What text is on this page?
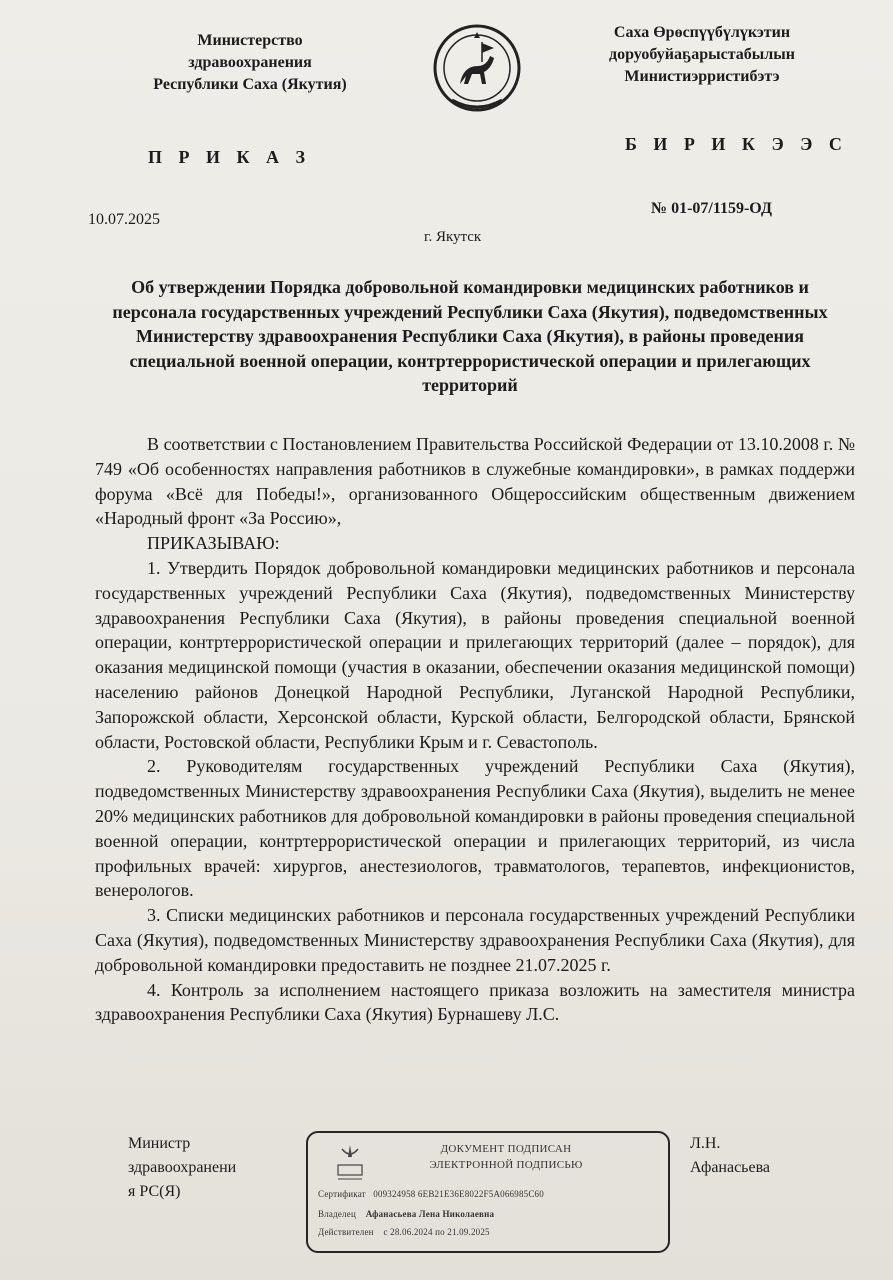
Министерство
здравоохранения
Республики Саха (Якутия)
Саха Өрөспүүбүлүкэтин
доруобуйаҕарыстабылын
Министиэрристибэтэ
П Р И К А З
Б И Р И К Э Э С
10.07.2025
№ 01-07/1159-ОД
г. Якутск
Об утверждении Порядка добровольной командировки медицинских работников и персонала государственных учреждений Республики Саха (Якутия), подведомственных Министерству здравоохранения Республики Саха (Якутия), в районы проведения специальной военной операции, контртеррористической операции и прилегающих территорий

В соответствии с Постановлением Правительства Российской Федерации от 13.10.2008 г. № 749 «Об особенностях направления работников в служебные командировки», в рамках поддержи форума «Всё для Победы!», организованного Общероссийским общественным движением «Народный фронт «За Россию»,

ПРИКАЗЫВАЮ:

1. Утвердить Порядок добровольной командировки медицинских работников и персонала государственных учреждений Республики Саха (Якутия), подведомственных Министерству здравоохранения Республики Саха (Якутия), в районы проведения специальной военной операции, контртеррористической операции и прилегающих территорий (далее – порядок), для оказания медицинской помощи (участия в оказании, обеспечении оказания медицинской помощи) населению районов Донецкой Народной Республики, Луганской Народной Республики, Запорожской области, Херсонской области, Курской области, Белгородской области, Брянской области, Ростовской области, Республики Крым и г. Севастополь.

2. Руководителям государственных учреждений Республики Саха (Якутия), подведомственных Министерству здравоохранения Республики Саха (Якутия), выделить не менее 20% медицинских работников для добровольной командировки в районы проведения специальной военной операции, контртеррористической операции и прилегающих территорий, из числа профильных врачей: хирургов, анестезиологов, травматологов, терапевтов, инфекционистов, венерологов.

3. Списки медицинских работников и персонала государственных учреждений Республики Саха (Якутия), подведомственных Министерству здравоохранения Республики Саха (Якутия), для добровольной командировки предоставить не позднее 21.07.2025 г.

4. Контроль за исполнением настоящего приказа возложить на заместителя министра здравоохранения Республики Саха (Якутия) Бурнашеву Л.С.

Министр
здравоохранени
я РС(Я)
ДОКУМЕНТ ПОДПИСАН
ЭЛЕКТРОННОЙ ПОДПИСЬЮ
Сертификат 009324958 6EB21E36E8022F5A066985C60
Владелец Афанасьева Лена Николаевна
Действителен с 28.06.2024 по 21.09.2025
Л.Н.
Афанасьева
